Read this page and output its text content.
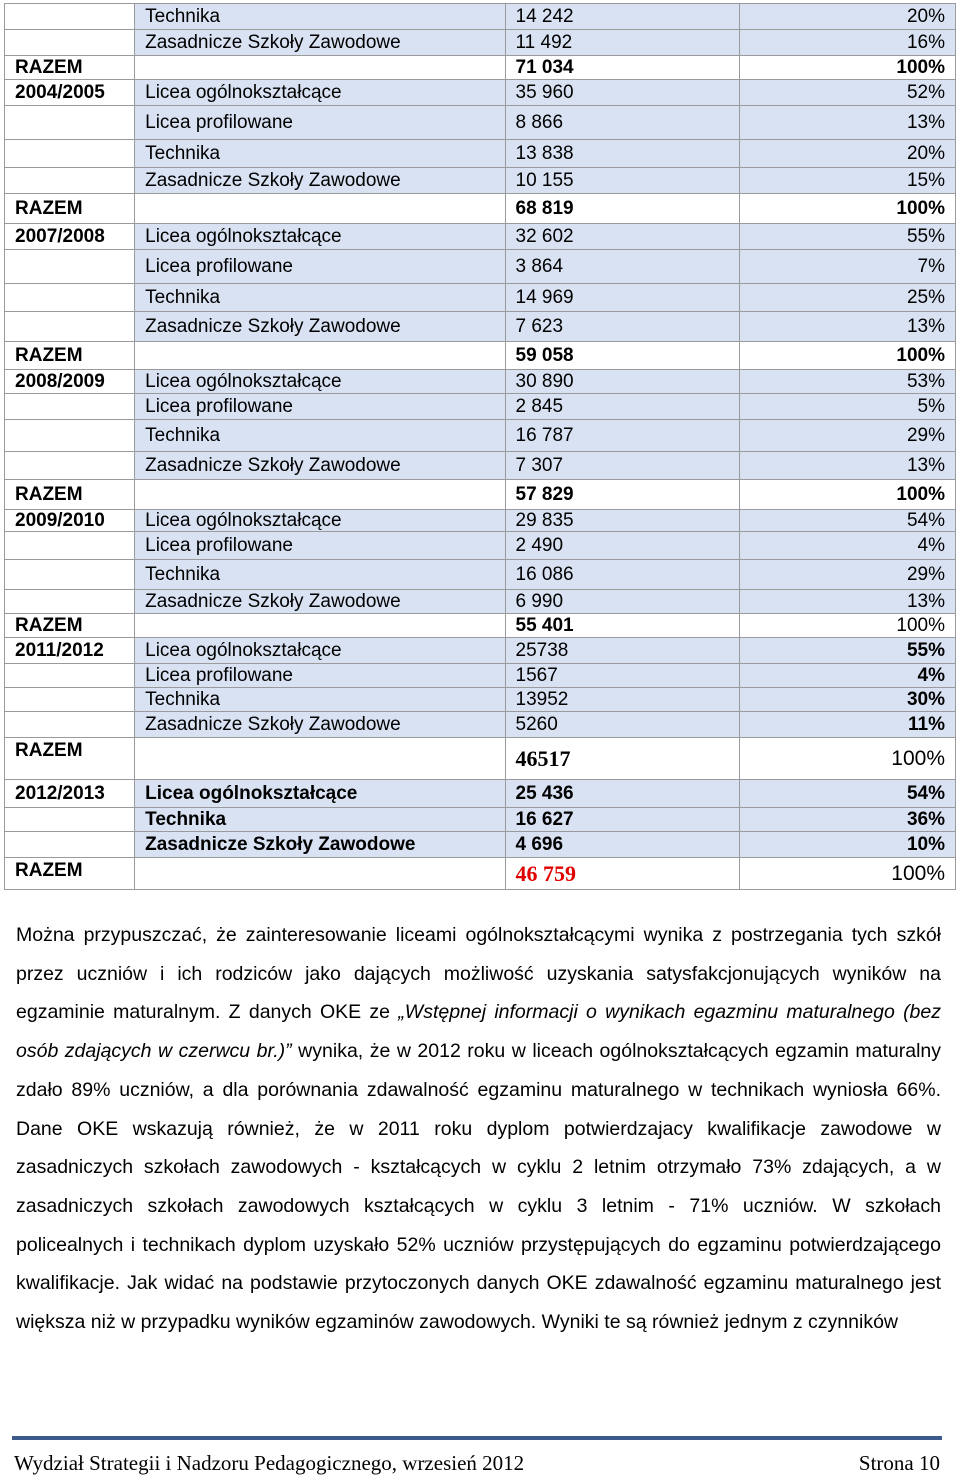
	Technika	14 242	20%
	Zasadnicze Szkoły Zawodowe	11 492	16%
RAZEM		71 034	100%
2004/2005	Licea ogólnokształcące	35 960	52%
	Licea profilowane	8 866	13%
	Technika	13 838	20%
	Zasadnicze Szkoły Zawodowe	10 155	15%
RAZEM		68 819	100%
2007/2008	Licea ogólnokształcące	32 602	55%
	Licea profilowane	3 864	7%
	Technika	14 969	25%
	Zasadnicze Szkoły Zawodowe	7 623	13%
RAZEM		59 058	100%
2008/2009	Licea ogólnokształcące	30 890	53%
	Licea profilowane	2 845	5%
	Technika	16 787	29%
	Zasadnicze Szkoły Zawodowe	7 307	13%
RAZEM		57 829	100%
2009/2010	Licea ogólnokształcące	29 835	54%
	Licea profilowane	2 490	4%
	Technika	16 086	29%
	Zasadnicze Szkoły Zawodowe	6 990	13%
RAZEM		55 401	100%
2011/2012	Licea ogólnokształcące	25738	55%
	Licea profilowane	1567	4%
	Technika	13952	30%
	Zasadnicze Szkoły Zawodowe	5260	11%
RAZEM		46517	100%
2012/2013	Licea ogólnokształcące	25 436	54%
	Technika	16 627	36%
	Zasadnicze Szkoły Zawodowe	4 696	10%
RAZEM		46 759	100%
Można przypuszczać, że zainteresowanie liceami ogólnokształcącymi wynika z postrzegania tych szkół przez uczniów i ich rodziców jako dających możliwość uzyskania satysfakcjonujących wyników na egzaminie maturalnym. Z danych OKE ze „Wstępnej informacji o wynikach egazminu maturalnego (bez osób zdających w czerwcu br.)” wynika, że w 2012 roku w liceach ogólnokształcących egzamin maturalny zdało 89% uczniów, a dla porównania zdawalność egzaminu maturalnego w technikach wyniosła 66%. Dane OKE wskazują również, że w 2011 roku dyplom potwierdzajacy kwalifikacje zawodowe w zasadniczych szkołach zawodowych - kształcących w cyklu 2 letnim otrzymało 73% zdających, a w zasadniczych szkołach zawodowych kształcących w cyklu 3 letnim - 71% uczniów. W szkołach policealnych i technikach dyplom uzyskało 52% uczniów przystępujących do egzaminu potwierdzającego kwalifikacje. Jak widać na podstawie przytoczonych danych OKE zdawalność egzaminu maturalnego jest większa niż w przypadku wyników egzaminów zawodowych. Wyniki te są również jednym z czynników
Wydział Strategii i Nadzoru Pedagogicznego, wrzesień 2012	Strona 10
